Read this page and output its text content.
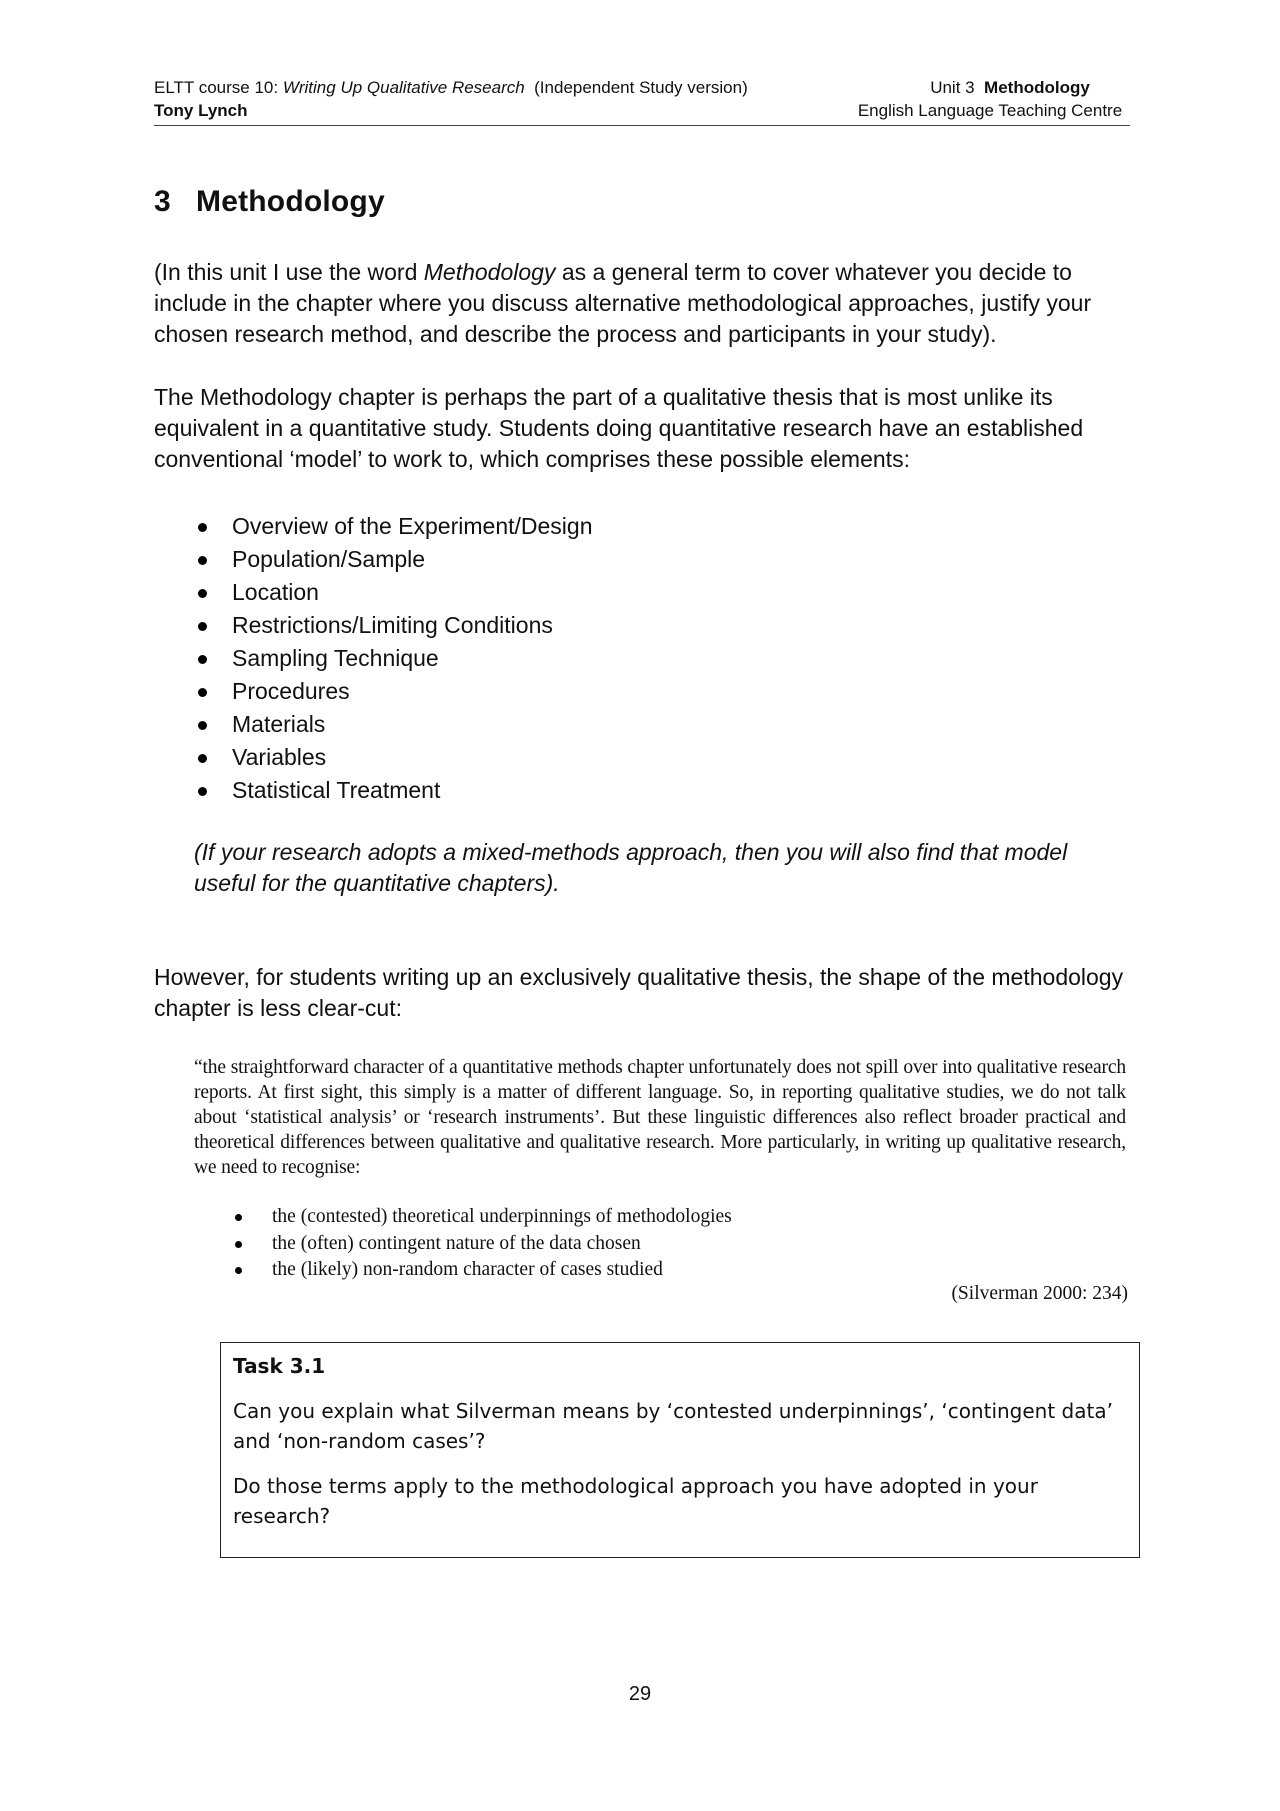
ELTT course 10: Writing Up Qualitative Research  (Independent Study version)
Tony Lynch
Unit 3  Methodology
English Language Teaching Centre
3 Methodology
(In this unit I use the word Methodology as a general term to cover whatever you decide to include in the chapter where you discuss alternative methodological approaches, justify your chosen research method, and describe the process and participants in your study).
The Methodology chapter is perhaps the part of a qualitative thesis that is most unlike its equivalent in a quantitative study. Students doing quantitative research have an established conventional ‘model’ to work to, which comprises these possible elements:
Overview of the Experiment/Design
Population/Sample
Location
Restrictions/Limiting Conditions
Sampling Technique
Procedures
Materials
Variables
Statistical Treatment
(If your research adopts a mixed-methods approach, then you will also find that model useful for the quantitative chapters).
However, for students writing up an exclusively qualitative thesis, the shape of the methodology chapter is less clear-cut:
“the straightforward character of a quantitative methods chapter unfortunately does not spill over into qualitative research reports. At first sight, this simply is a matter of different language. So, in reporting qualitative studies, we do not talk about ‘statistical analysis’ or ‘research instruments’. But these linguistic differences also reflect broader practical and theoretical differences between qualitative and qualitative research. More particularly, in writing up qualitative research, we need to recognise:
the (contested) theoretical underpinnings of methodologies
the (often) contingent nature of the data chosen
the (likely) non-random character of cases studied
(Silverman 2000: 234)
Task 3.1
Can you explain what Silverman means by ‘contested underpinnings’, ‘contingent data’ and ‘non-random cases’?
Do those terms apply to the methodological approach you have adopted in your research?
29
